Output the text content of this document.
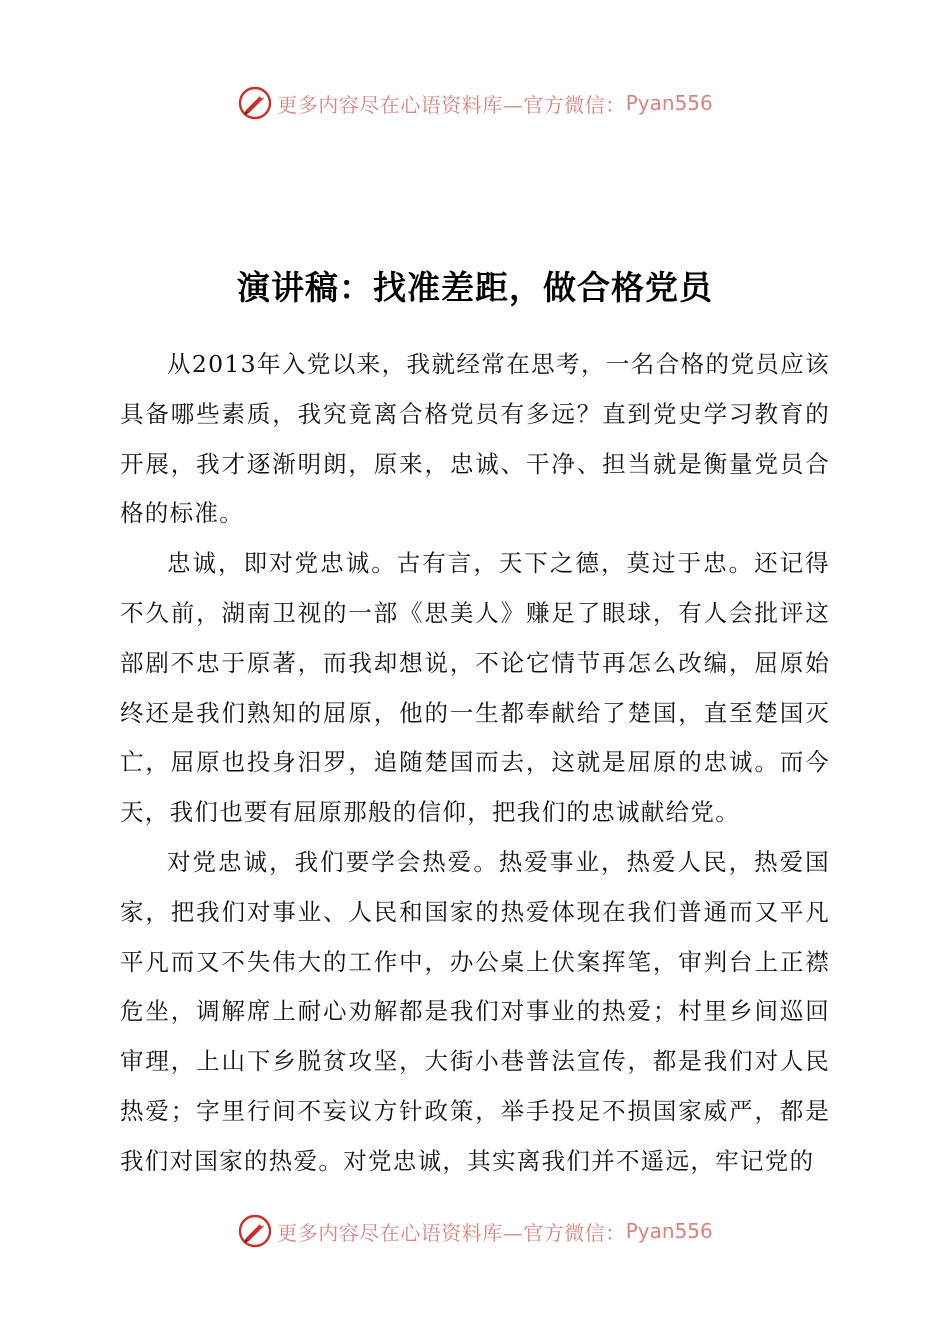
更多内容尽在心语资料库—官方微信： Pyan556
演讲稿：找准差距，做合格党员

从2013年入党以来，我就经常在思考，一名合格的党员应该具备哪些素质，我究竟离合格党员有多远？直到党史学习教育的开展，我才逐渐明朗，原来，忠诚、干净、担当就是衡量党员合格的标准。

忠诚，即对党忠诚。古有言，天下之德，莫过于忠。还记得不久前，湖南卫视的一部《思美人》赚足了眼球，有人会批评这部剧不忠于原著，而我却想说，不论它情节再怎么改编，屈原始终还是我们熟知的屈原，他的一生都奉献给了楚国，直至楚国灭亡，屈原也投身汨罗，追随楚国而去，这就是屈原的忠诚。而今天，我们也要有屈原那般的信仰，把我们的忠诚献给党。

对党忠诚，我们要学会热爱。热爱事业，热爱人民，热爱国家，把我们对事业、人民和国家的热爱体现在我们普通而又平凡平凡而又不失伟大的工作中，办公桌上伏案挥笔，审判台上正襟危坐，调解席上耐心劝解都是我们对事业的热爱；村里乡间巡回审理，上山下乡脱贫攻坚，大街小巷普法宣传，都是我们对人民热爱；字里行间不妄议方针政策，举手投足不损国家威严，都是我们对国家的热爱。对党忠诚，其实离我们并不遥远，牢记党的

更多内容尽在心语资料库—官方微信： Pyan556
